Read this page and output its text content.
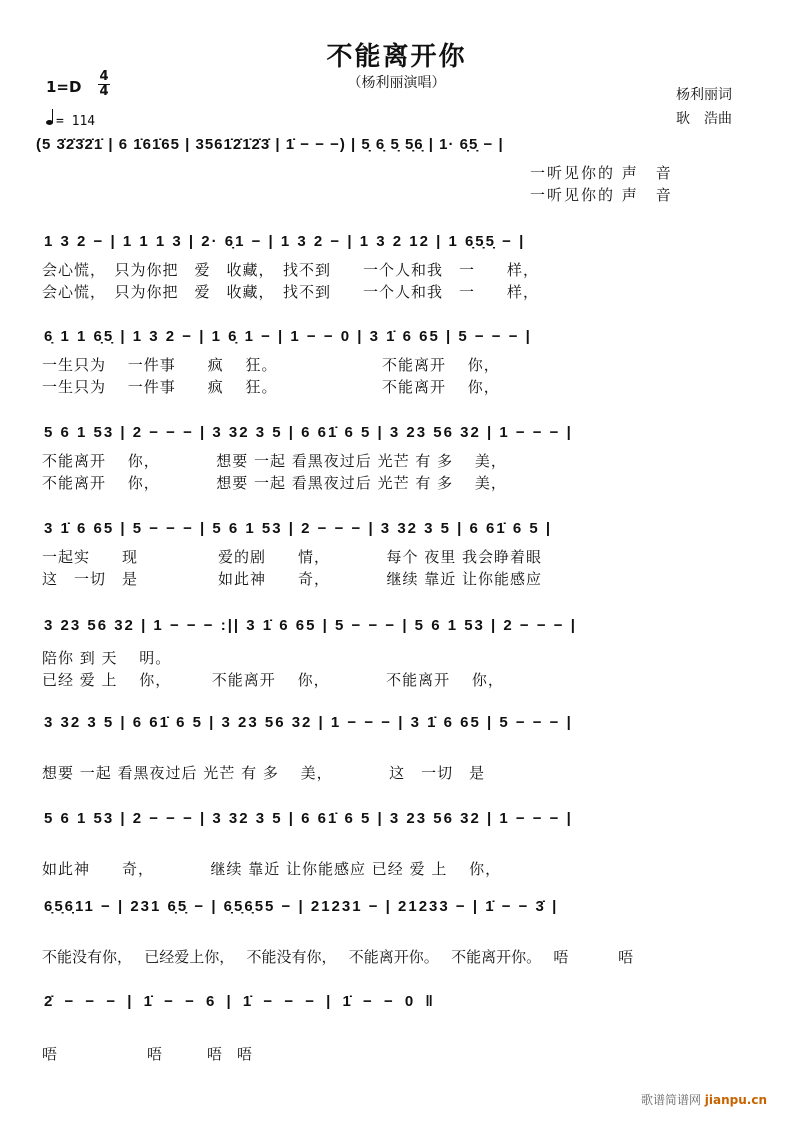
不能离开你
（杨利丽演唱）
杨利丽词
耿　浩曲
1=D
4
4
= 114
(5 3̇2̇3̇2̇1̇ | 6 1̇61̇65 | 3561̇2̇1̇2̇3̇ | 1̇ − − −) | 5̣ 6̣ 5̣ 5̣6̣ | 1· 6̣5̣ − |
一听见你的 声　音
一听见你的 声　音
1 3 2 − | 1 1 1 3 | 2· 6̣1 − | 1 3 2 − | 1 3 2 12 | 1 6̣5̣5̣ − |
会心慌，　只为你把　爱　收藏，　找不到　　一个人和我　一　　样，
会心慌，　只为你把　爱　收藏，　找不到　　一个人和我　一　　样，
6̣ 1 1 6̣5̣ | 1 3 2 − | 1 6̣ 1 − | 1 − − 0 | 3 1̇ 6 65 | 5 − − − |
一生只为　 一件事　　疯　 狂。　　　　　　　不能离开　 你，
一生只为　 一件事　　疯　 狂。　　　　　　　不能离开　 你，
5 6 1 53 | 2 − − − | 3 32 3 5 | 6 61̇ 6 5 | 3 23 56 32 | 1 − − − |
不能离开　 你，　　　　想要 一起 看黑夜过后 光芒 有 多　 美，
不能离开　 你，　　　　想要 一起 看黑夜过后 光芒 有 多　 美，
3 1̇ 6 65 | 5 − − − | 5 6 1 53 | 2 − − − | 3 32 3 5 | 6 61̇ 6 5 |
一起实　　现　　　　　爱的剧　　情，　　　　每个 夜里 我会睁着眼
这　一切　是　　　　　如此神　　奇，　　　　继续 靠近 让你能感应
3 23 56 32 | 1 − − − :|| 3 1̇ 6 65 | 5 − − − | 5 6 1 53 | 2 − − − |
陪你 到 天　 明。
已经 爱 上　 你，　　　不能离开　 你，　　　　不能离开　 你，
3 32 3 5 | 6 61̇ 6 5 | 3 23 56 32 | 1 − − − | 3 1̇ 6 65 | 5 − − − |
想要 一起 看黑夜过后 光芒 有 多　 美，　　　　这　一切　是
5 6 1 53 | 2 − − − | 3 32 3 5 | 6 61̇ 6 5 | 3 23 56 32 | 1 − − − |
如此神　　奇，　　　　继续 靠近 让你能感应 已经 爱 上　 你，
6̣5̣6̣11 − | 231 6̣5̣ − | 6̣5̣6̣55 − | 21231 − | 21233 − | 1̇ − − 3̇ |
不能没有你，　 已经爱上你，　 不能没有你，　 不能离开你。　 不能离开你。　 唔　　　 唔
2̇ − − − | 1̇ − − 6 | 1̇ − − − | 1̇ − − 0 ‖
唔　　　　　　唔　　　唔　唔
歌谱简谱网 jianpu.cn
